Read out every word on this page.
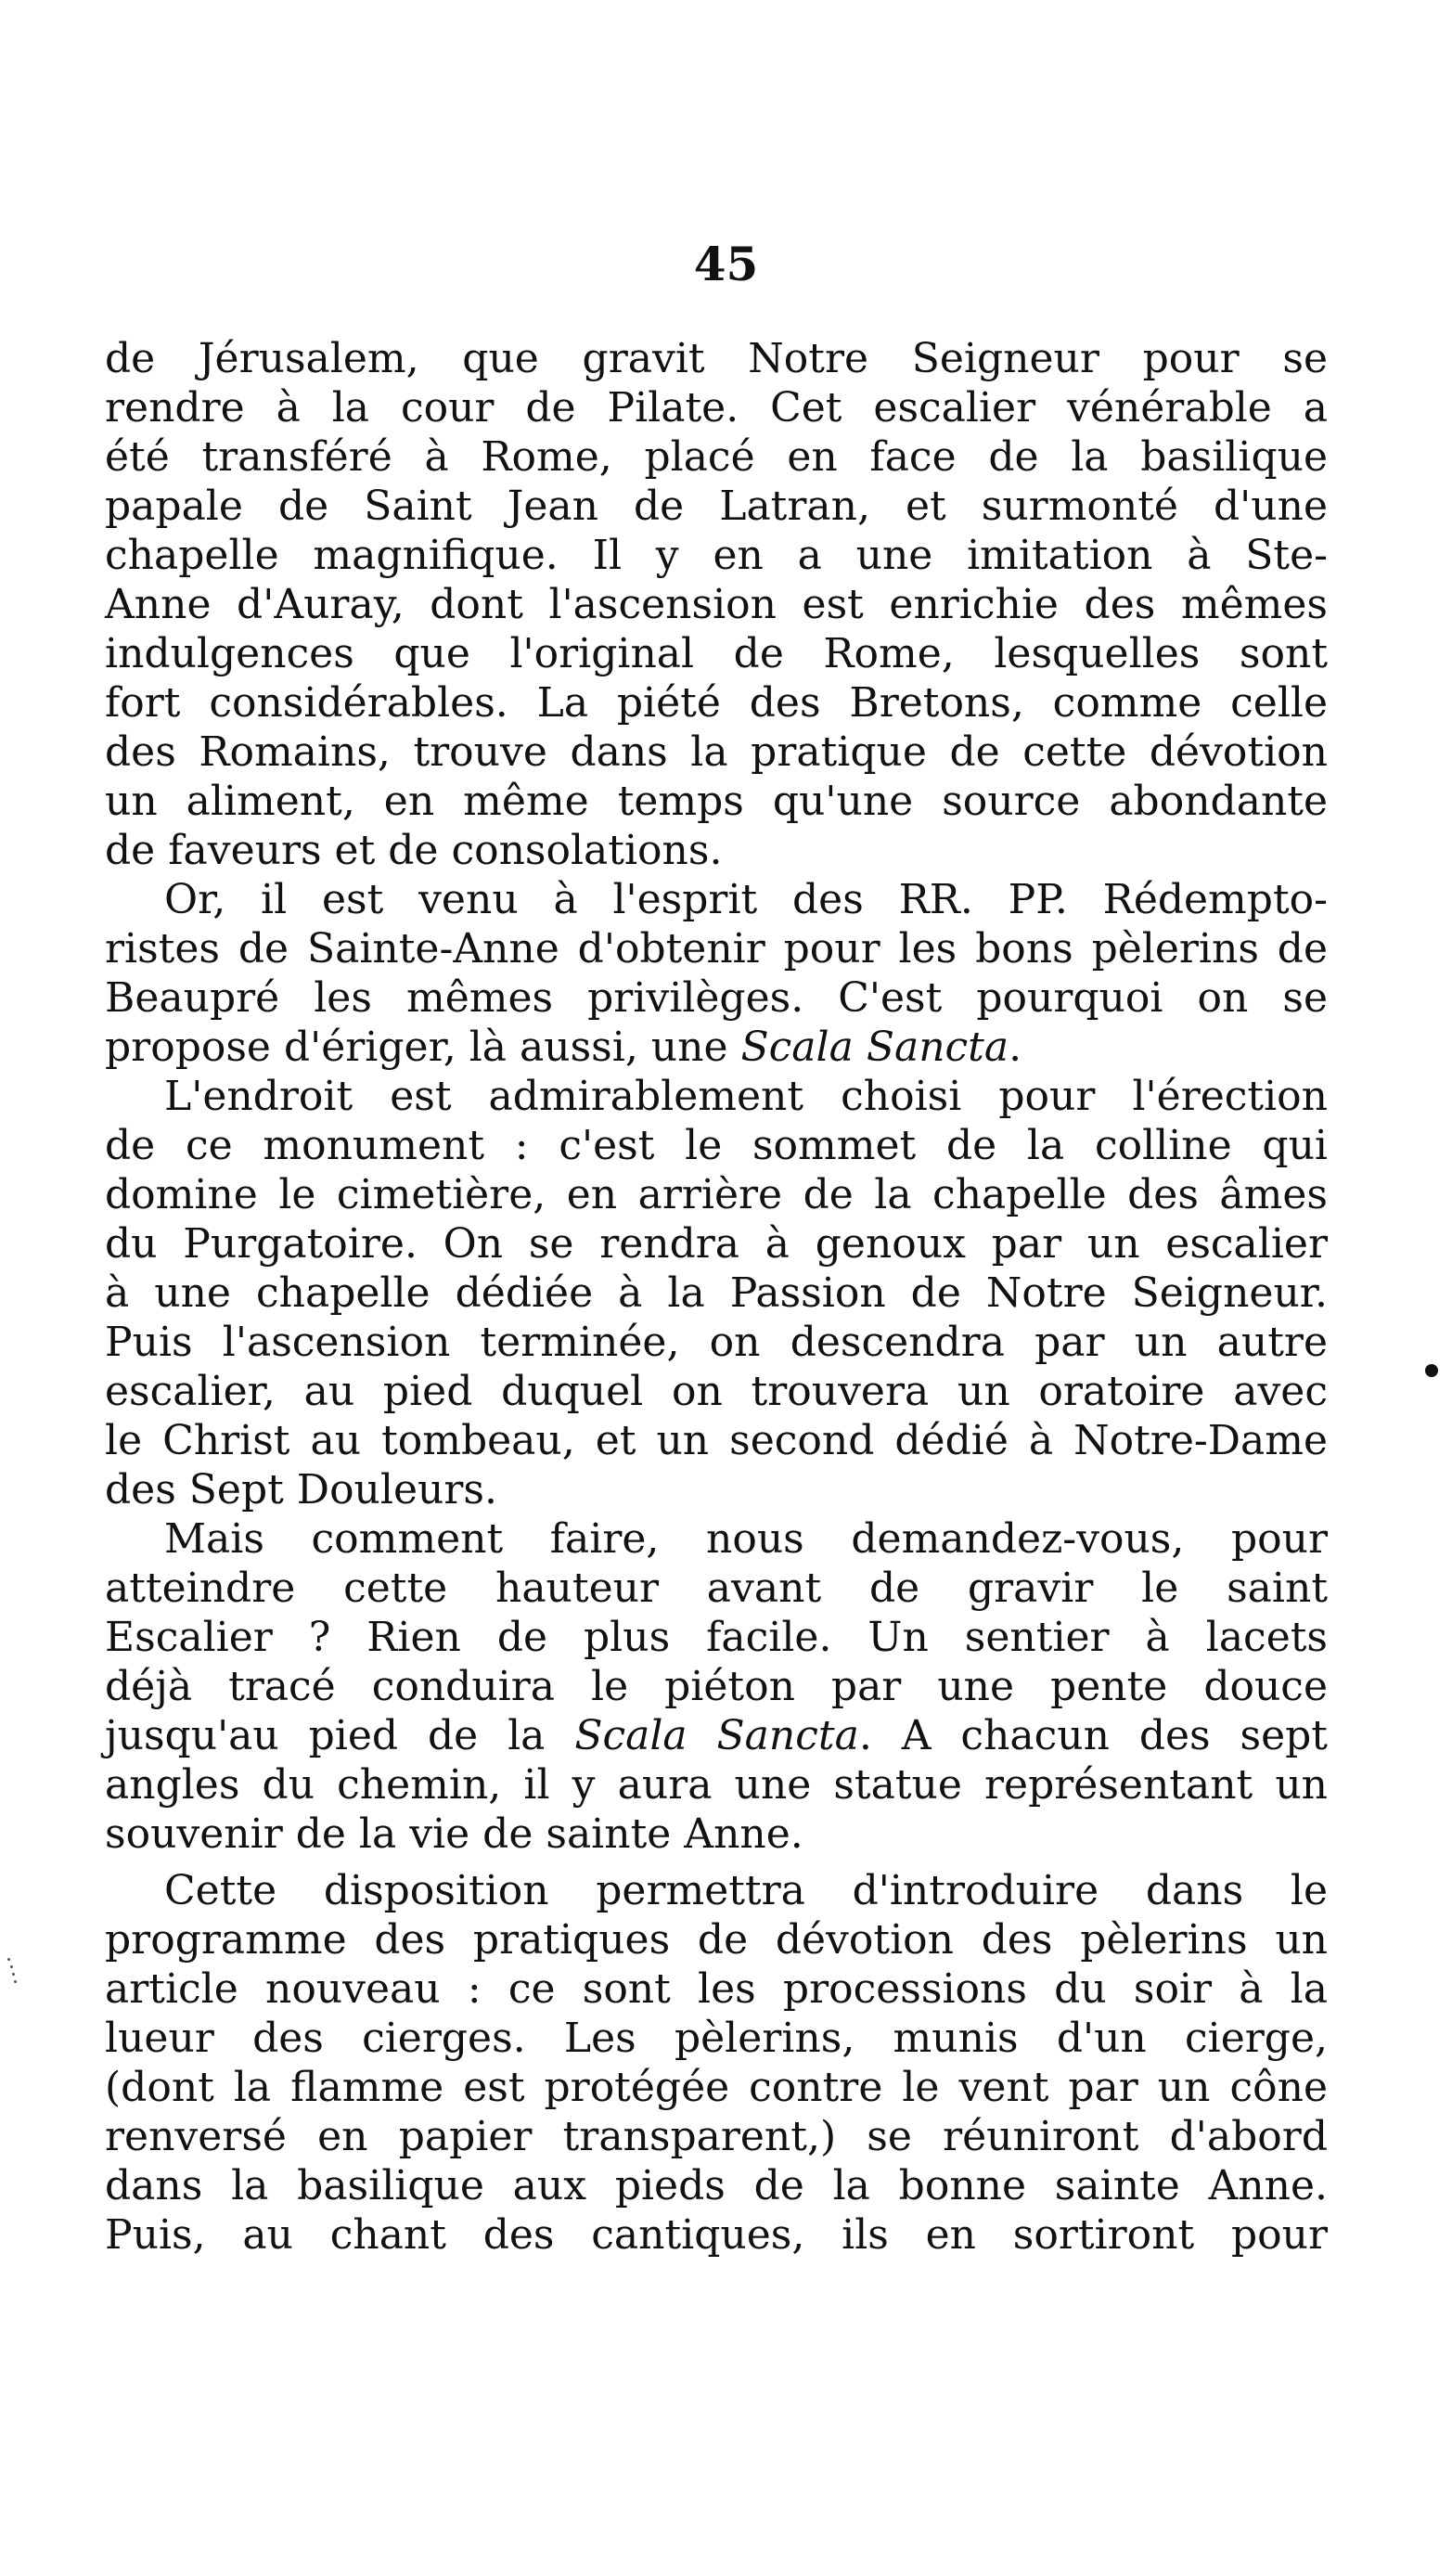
45
de Jérusalem, que gravit Notre Seigneur pour se
rendre à la cour de Pilate. Cet escalier vénérable a
été transféré à Rome, placé en face de la basilique
papale de Saint Jean de Latran, et surmonté d'une
chapelle magnifique. Il y en a une imitation à Ste-
Anne d'Auray, dont l'ascension est enrichie des mêmes
indulgences que l'original de Rome, lesquelles sont
fort considérables. La piété des Bretons, comme celle
des Romains, trouve dans la pratique de cette dévotion
un aliment, en même temps qu'une source abondante
de faveurs et de consolations.
Or, il est venu à l'esprit des RR. PP. Rédempto-
ristes de Sainte-Anne d'obtenir pour les bons pèlerins de
Beaupré les mêmes privilèges. C'est pourquoi on se
propose d'ériger, là aussi, une Scala Sancta.
L'endroit est admirablement choisi pour l'érection
de ce monument : c'est le sommet de la colline qui
domine le cimetière, en arrière de la chapelle des âmes
du Purgatoire. On se rendra à genoux par un escalier
à une chapelle dédiée à la Passion de Notre Seigneur.
Puis l'ascension terminée, on descendra par un autre
escalier, au pied duquel on trouvera un oratoire avec
le Christ au tombeau, et un second dédié à Notre-Dame
des Sept Douleurs.
Mais comment faire, nous demandez-vous, pour
atteindre cette hauteur avant de gravir le saint
Escalier ? Rien de plus facile. Un sentier à lacets
déjà tracé conduira le piéton par une pente douce
jusqu'au pied de la Scala Sancta. A chacun des sept
angles du chemin, il y aura une statue représentant un
souvenir de la vie de sainte Anne.
Cette disposition permettra d'introduire dans le
programme des pratiques de dévotion des pèlerins un
article nouveau : ce sont les processions du soir à la
lueur des cierges. Les pèlerins, munis d'un cierge,
(dont la flamme est protégée contre le vent par un cône
renversé en papier transparent,) se réuniront d'abord
dans la basilique aux pieds de la bonne sainte Anne.
Puis, au chant des cantiques, ils en sortiront pour
